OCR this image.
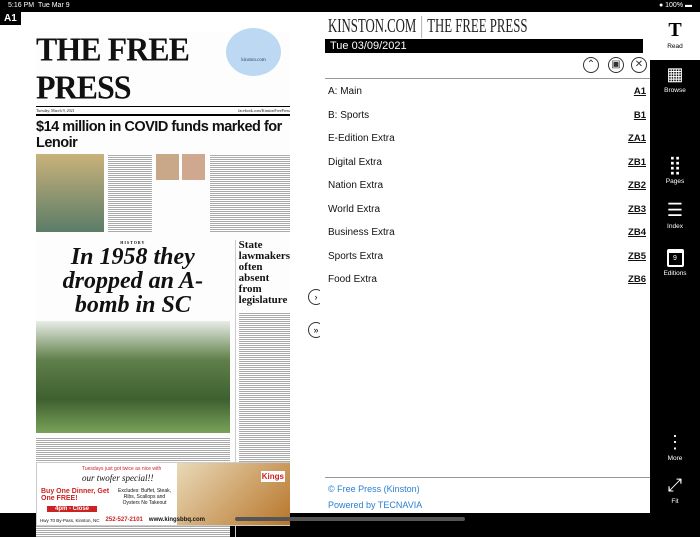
5:16 PM Tue Mar 9	● 100% ▬
THE FREE PRESS
kinston.com
Tuesday, March 9, 2021	facebook.com/KinstonFreePress
$14 million in COVID funds marked for Lenoir
HISTORY
In 1958 they dropped an A-bomb in SC
State lawmakers often absent from legislature
Tuesdays just got twice as nice with
our twofer special!!
Buy One Dinner, Get One FREE!
4pm - Close
Excludes: Buffet, Steak, Ribs, Scallops and Oysters No Takeout
Kings
Hwy 70 By-Pass, Kinston, NC 252-527-2101 www.kingsbbq.com
A1
›
»
KINSTON.COM THE FREE PRESS
Tue 03/09/2021
⌃	▣	✕
A: Main	A1
B: Sports	B1
E-Edition Extra	ZA1
Digital Extra	ZB1
Nation Extra	ZB2
World Extra	ZB3
Business Extra	ZB4
Sports Extra	ZB5
Food Extra	ZB6
© Free Press (Kinston)
Powered by TECNAVIA
T
Read
▦
Browse
⣿
Pages
☰
Index
9
Editions
⋮
More
⤢
Fit
